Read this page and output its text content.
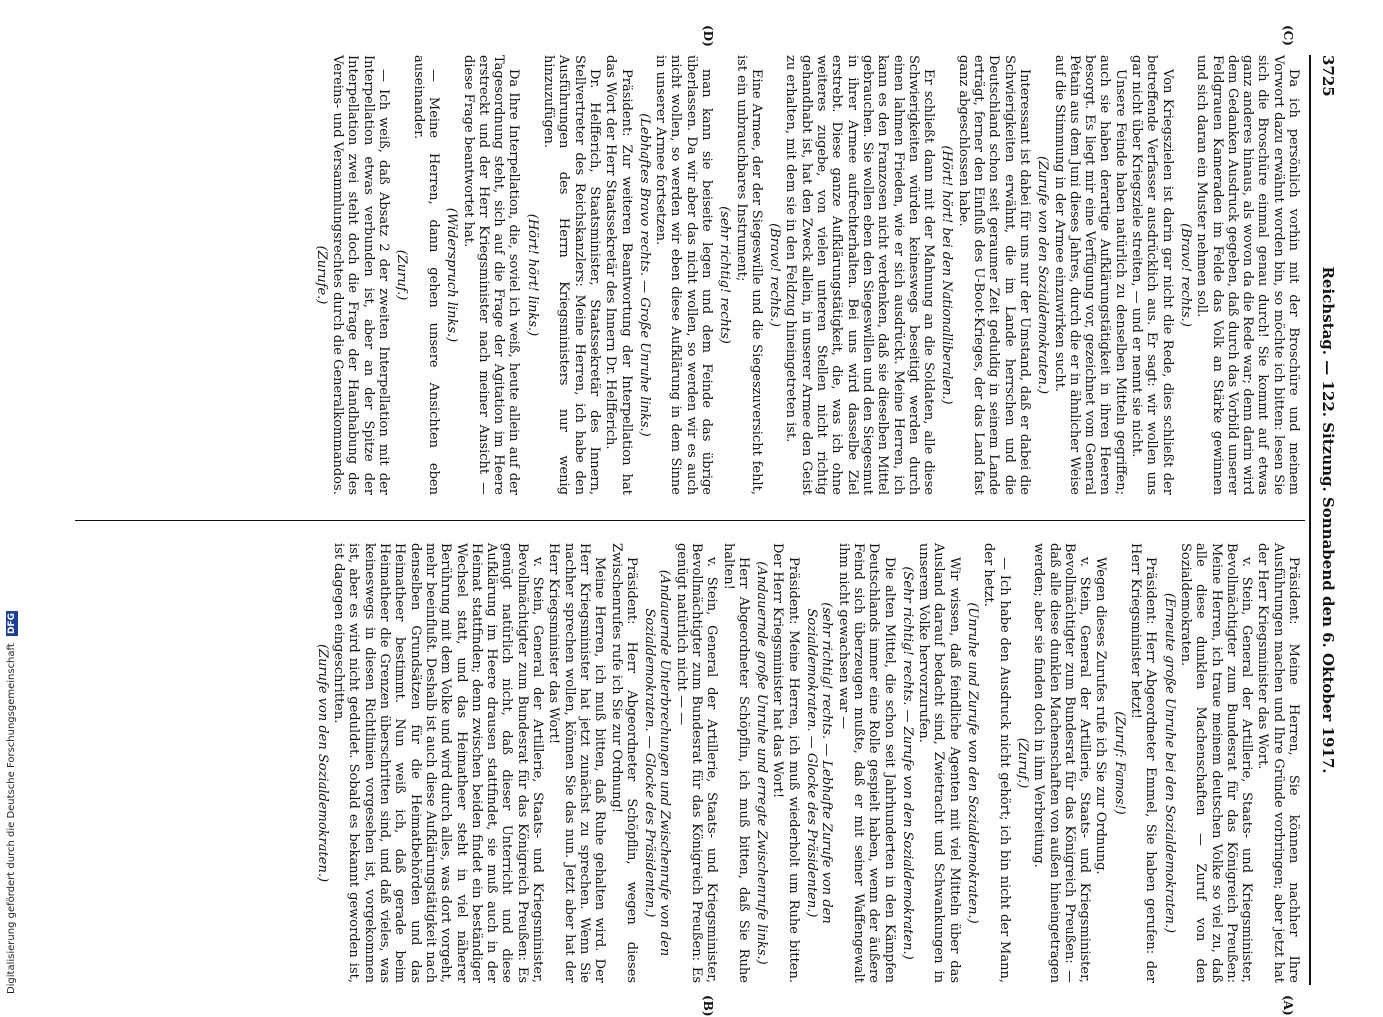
3725
Reichstag. — 122. Sitzung. Sonnabend den 6. Oktober 1917.
(C)
(D)
(A)
(B)

Da ich persönlich vorhin mit der Broschüre und meinem Vorwort dazu erwähnt worden bin, so möchte ich bitten: lesen Sie sich die Broschüre einmal genau durch! Sie kommt auf etwas ganz anderes hinaus, als wovon da die Rede war; denn darin wird dem Gedanken Ausdruck gegeben, daß durch das Vorbild unserer Feldgrauen Kameraden im Felde das Volk an Stärke gewinnen und sich daran ein Muster nehmen soll.

(Bravo! rechts.)

Von Kriegszielen ist darin gar nicht die Rede, dies schließt der betreffende Verfasser ausdrücklich aus. Er sagt: wir wollen uns gar nicht über Kriegsziele streiten, — und er nennt sie nicht.

Unsere Feinde haben natürlich zu denselben Mitteln gegriffen; auch sie haben derartige Aufklärungstätigkeit in ihren Heeren besorgt. Es liegt mir eine Verfügung vor, gezeichnet vom General Pétain aus dem Juni dieses Jahres, durch die er in ähnlicher Weise auf die Stimmung in der Armee einzuwirken sucht.

(Zurufe von den Sozialdemokraten.)

Interessant ist dabei für uns nur der Umstand, daß er dabei die Schwierigkeiten erwähnt, die im Lande herrschen und die Deutschland schon seit geraumer Zeit geduldig in seinem Lande erträgt, ferner den Einfluß des U-Boot-Krieges, der das Land fast ganz abgeschlossen habe.

(Hört! hört! bei den Nationalliberalen.)

Er schließt dann mit der Mahnung an die Soldaten, alle diese Schwierigkeiten würden keineswegs beseitigt werden durch einen lahmen Frieden, wie er sich ausdrückt. Meine Herren, ich kann es den Franzosen nicht verdenken, daß sie dieselben Mittel gebrauchen. Sie wollen eben den Siegeswillen und den Siegesmut in ihrer Armee aufrechterhalten. Bei uns wird dasselbe Ziel erstrebt. Diese ganze Aufklärungstätigkeit, die, was ich ohne weiteres zugebe, von vielen unteren Stellen nicht richtig gehandhabt ist, hat den Zweck allein, in unserer Armee den Geist zu erhalten, mit dem sie in den Feldzug hineingetreten ist.

(Bravo! rechts.)

Eine Armee, der der Siegeswille und die Siegeszuversicht fehlt, ist ein unbrauchbares Instrument;

(sehr richtig! rechts)

man kann sie beiseite legen und dem Feinde das übrige überlassen. Da wir aber das nicht wollen, so werden wir es auch nicht wollen, so werden wir eben diese Aufklärung in dem Sinne in unserer Armee fortsetzen.

(Lebhaftes Bravo rechts. — Große Unruhe links.)

Präsident: Zur weiteren Beantwortung der Interpellation hat das Wort der Herr Staatssekretär des Innern Dr. Helfferich.

Dr. Helfferich, Staatsminister, Staatssekretär des Innern, Stellvertreter des Reichskanzlers: Meine Herren, ich habe den Ausführungen des Herrn Kriegsministers nur wenig hinzuzufügen.

(Hört! hört! links.)

Da Ihre Interpellation, die, soviel ich weiß, heute allein auf der Tagesordnung steht, sich auf die Frage der Agitation im Heere erstreckt und der Herr Kriegsminister nach meiner Ansicht — diese Frage beantwortet hat.

(Widerspruch links.)

— Meine Herren, dann gehen unsere Ansichten eben auseinander.

(Zuruf.)

— Ich weiß, daß Absatz 2 der zweiten Interpellation mit der Interpellation etwas verbunden ist, aber an der Spitze der Interpellation zwei steht doch die Frage der Handhabung des Vereins- und Versammlungsrechtes durch die Generalkommandos.

(Zurufe.)

Präsident: Meine Herren, Sie können nachher Ihre Ausführungen machen und Ihre Gründe vorbringen; aber jetzt hat der Herr Kriegsminister das Wort.

v. Stein, General der Artillerie, Staats- und Kriegsminister, Bevollmächtigter zum Bundesrat für das Königreich Preußen: Meine Herren, ich traue meinem deutschen Volke so viel zu, daß alle diese dunklen Machenschaften — Zuruf von den Sozialdemokraten.

(Erneute große Unruhe bei den Sozialdemokraten.)

Präsident: Herr Abgeordneter Emmel, Sie haben gerufen: der Herr Kriegsminister hetzt!

(Zuruf: Famos!)

Wegen dieses Zurufes rufe ich Sie zur Ordnung.

v. Stein, General der Artillerie, Staats- und Kriegsminister, Bevollmächtigter zum Bundesrat für das Königreich Preußen: — daß alle diese dunklen Machenschaften von außen hineingetragen werden; aber sie finden doch in ihm Verbreitung.

(Zuruf.)

— Ich habe den Ausdruck nicht gehört; ich bin nicht der Mann, der hetzt.

(Unruhe und Zurufe von den Sozialdemokraten.)

Wir wissen, daß feindliche Agenten mit viel Mitteln über das Ausland darauf bedacht sind, Zwietracht und Schwankungen in unserem Volke hervorzurufen.

(Sehr richtig! rechts. — Zurufe von den Sozialdemokraten.)

Die alten Mittel, die schon seit Jahrhunderten in den Kämpfen Deutschlands immer eine Rolle gespielt haben, wenn der äußere Feind sich überzeugen mußte, daß er mit seiner Waffengewalt ihm nicht gewachsen war —

(sehr richtig! rechts. — Lebhafte Zurufe von den Sozialdemokraten. — Glocke des Präsidenten.)

Präsident: Meine Herren, ich muß wiederholt um Ruhe bitten. Der Herr Kriegsminister hat das Wort!

(Andauernde große Unruhe und erregte Zwischenrufe links.)

Herr Abgeordneter Schöpflin, ich muß bitten, daß Sie Ruhe halten!

v. Stein, General der Artillerie, Staats- und Kriegsminister, Bevollmächtigter zum Bundesrat für das Königreich Preußen: Es genügt natürlich nicht — —

(Andauernde Unterbrechungen und Zwischenrufe von den Sozialdemokraten. — Glocke des Präsidenten.)

Präsident: Herr Abgeordneter Schöpflin, wegen dieses Zwischenrufes rufe ich Sie zur Ordnung!

Meine Herren, ich muß bitten, daß Ruhe gehalten wird. Der Herr Kriegsminister hat jetzt zunächst zu sprechen. Wenn Sie nachher sprechen wollen, können Sie das nun. Jetzt aber hat der Herr Kriegsminister das Wort!

v. Stein, General der Artillerie, Staats- und Kriegsminister, Bevollmächtigter zum Bundesrat für das Königreich Preußen: Es genügt natürlich nicht, daß dieser Unterricht und diese Aufklärung im Heere drausen stattfindet, sie muß auch in der Heimat stattfinden; denn zwischen beiden findet ein beständiger Wechsel statt, und das Heimatheer steht in viel näherer Berührung mit dem Volke und wird durch alles, was dort vorgeht, mehr beeinflußt. Deshalb ist auch diese Aufklärungstätigkeit nach denselben Grundsätzen für die Heimatbehörden und das Heimatheer bestimmt. Nun weiß ich, daß gerade beim Heimatheer die Grenzen überschritten sind, und daß vieles, was keineswegs in diesen Richtlinien vorgesehen ist, vorgekommen ist, aber es wird nicht geduldet. Sobald es bekannt geworden ist, ist dagegen eingeschritten.

(Zurufe von den Sozialdemokraten.)

Digitalisierung gefördert durch die Deutsche Forschungsgemeinschaft DFG
